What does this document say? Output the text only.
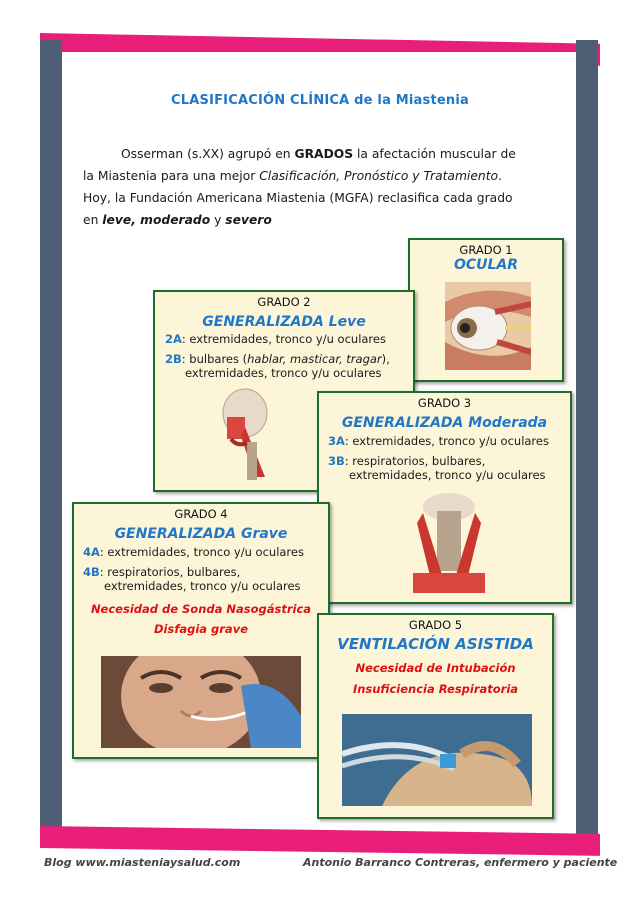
CLASIFICACIÓN CLÍNICA de la Miastenia

Osserman (s.XX) agrupó en GRADOS la afectación muscular de la Miastenia para una mejor Clasificación, Pronóstico y Tratamiento. Hoy, la Fundación Americana Miastenia (MGFA) reclasifica cada grado en leve, moderado y severo

GRADO 1
OCULAR
GRADO 2
GENERALIZADA Leve
2A: extremidades, tronco y/u oculares
2B: bulbares (hablar, masticar, tragar),
extremidades, tronco y/u oculares
GRADO 3
GENERALIZADA Moderada
3A: extremidades, tronco y/u oculares
3B: respiratorios, bulbares,
extremidades, tronco y/u oculares
GRADO 4
GENERALIZADA Grave
4A: extremidades, tronco y/u oculares
4B: respiratorios, bulbares,
extremidades, tronco y/u oculares
Necesidad de Sonda Nasogástrica
Disfagia grave	GRADO 5
VENTILACIÓN ASISTIDA
Necesidad de Intubación
Insuficiencia Respiratoria
Blog www.miasteniaysalud.com	Antonio Barranco Contreras, enfermero y paciente
